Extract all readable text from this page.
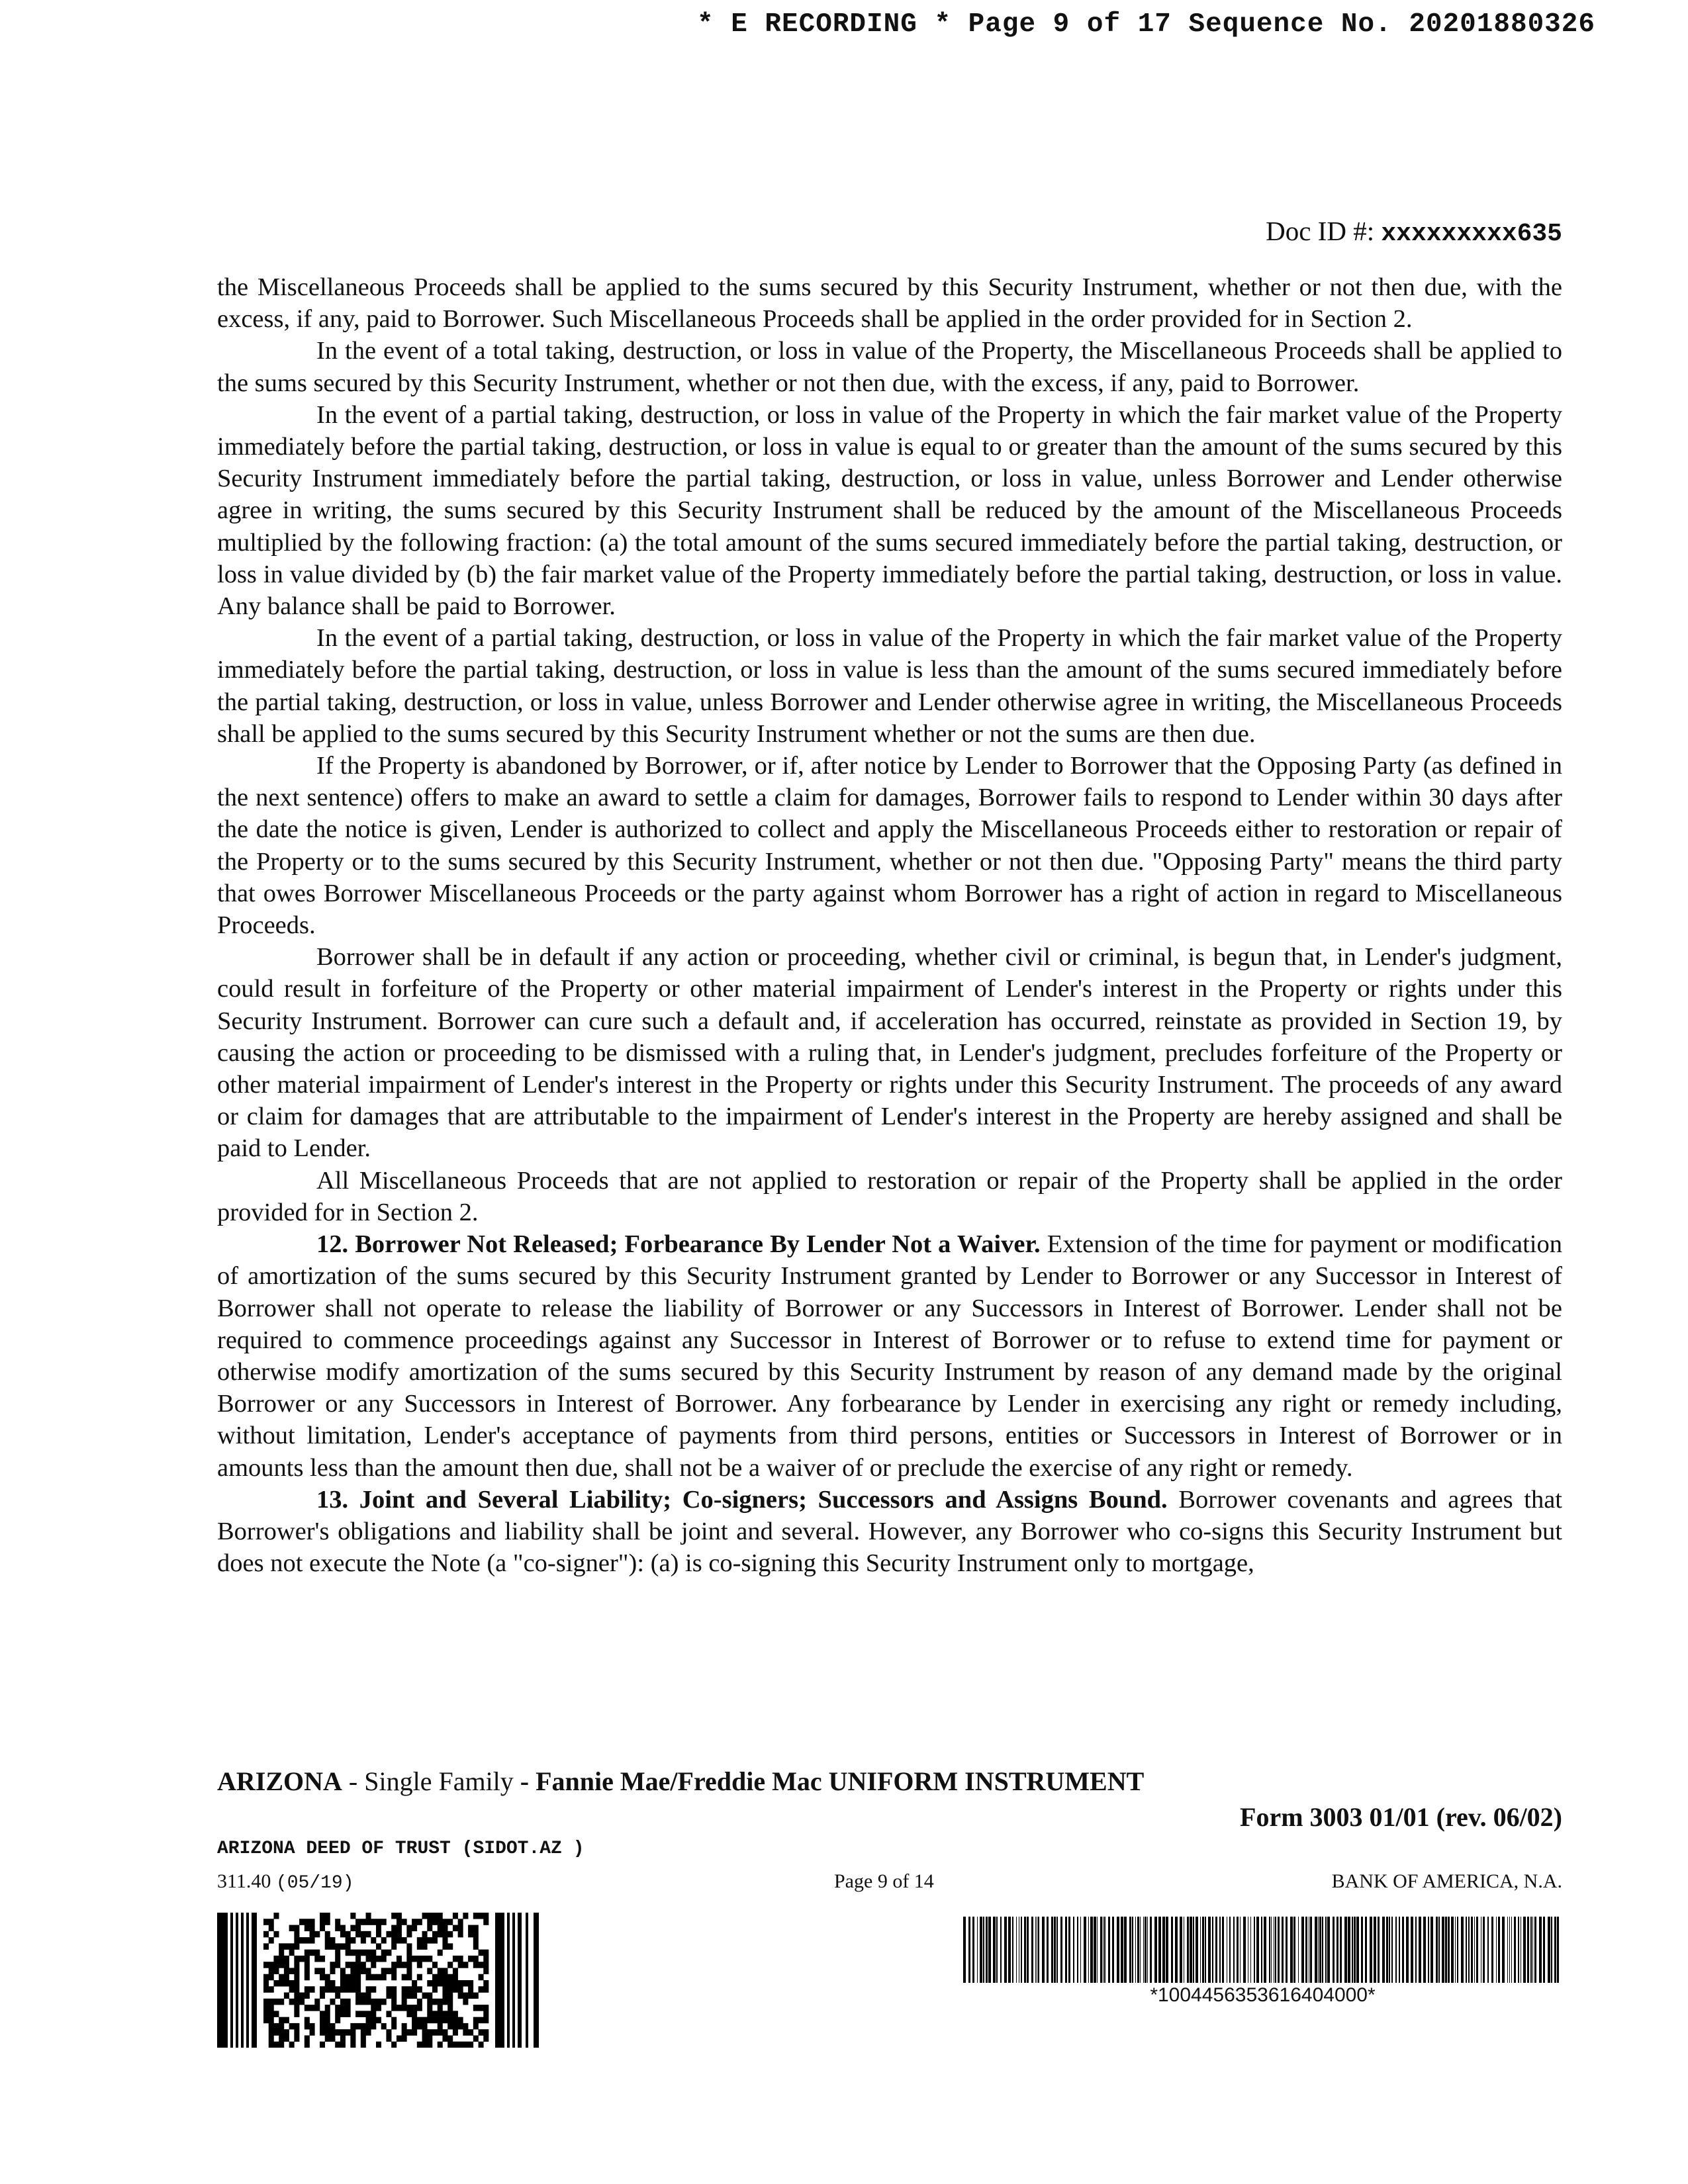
* E RECORDING * Page 9 of 17 Sequence No. 20201880326
Doc ID #: xxxxxxxxx635

the Miscellaneous Proceeds shall be applied to the sums secured by this Security Instrument, whether or not then due, with the excess, if any, paid to Borrower. Such Miscellaneous Proceeds shall be applied in the order provided for in Section 2.

In the event of a total taking, destruction, or loss in value of the Property, the Miscellaneous Proceeds shall be applied to the sums secured by this Security Instrument, whether or not then due, with the excess, if any, paid to Borrower.

In the event of a partial taking, destruction, or loss in value of the Property in which the fair market value of the Property immediately before the partial taking, destruction, or loss in value is equal to or greater than the amount of the sums secured by this Security Instrument immediately before the partial taking, destruction, or loss in value, unless Borrower and Lender otherwise agree in writing, the sums secured by this Security Instrument shall be reduced by the amount of the Miscellaneous Proceeds multiplied by the following fraction: (a) the total amount of the sums secured immediately before the partial taking, destruction, or loss in value divided by (b) the fair market value of the Property immediately before the partial taking, destruction, or loss in value. Any balance shall be paid to Borrower.

In the event of a partial taking, destruction, or loss in value of the Property in which the fair market value of the Property immediately before the partial taking, destruction, or loss in value is less than the amount of the sums secured immediately before the partial taking, destruction, or loss in value, unless Borrower and Lender otherwise agree in writing, the Miscellaneous Proceeds shall be applied to the sums secured by this Security Instrument whether or not the sums are then due.

If the Property is abandoned by Borrower, or if, after notice by Lender to Borrower that the Opposing Party (as defined in the next sentence) offers to make an award to settle a claim for damages, Borrower fails to respond to Lender within 30 days after the date the notice is given, Lender is authorized to collect and apply the Miscellaneous Proceeds either to restoration or repair of the Property or to the sums secured by this Security Instrument, whether or not then due. "Opposing Party" means the third party that owes Borrower Miscellaneous Proceeds or the party against whom Borrower has a right of action in regard to Miscellaneous Proceeds.

Borrower shall be in default if any action or proceeding, whether civil or criminal, is begun that, in Lender's judgment, could result in forfeiture of the Property or other material impairment of Lender's interest in the Property or rights under this Security Instrument. Borrower can cure such a default and, if acceleration has occurred, reinstate as provided in Section 19, by causing the action or proceeding to be dismissed with a ruling that, in Lender's judgment, precludes forfeiture of the Property or other material impairment of Lender's interest in the Property or rights under this Security Instrument. The proceeds of any award or claim for damages that are attributable to the impairment of Lender's interest in the Property are hereby assigned and shall be paid to Lender.

All Miscellaneous Proceeds that are not applied to restoration or repair of the Property shall be applied in the order provided for in Section 2.

12. Borrower Not Released; Forbearance By Lender Not a Waiver. Extension of the time for payment or modification of amortization of the sums secured by this Security Instrument granted by Lender to Borrower or any Successor in Interest of Borrower shall not operate to release the liability of Borrower or any Successors in Interest of Borrower. Lender shall not be required to commence proceedings against any Successor in Interest of Borrower or to refuse to extend time for payment or otherwise modify amortization of the sums secured by this Security Instrument by reason of any demand made by the original Borrower or any Successors in Interest of Borrower. Any forbearance by Lender in exercising any right or remedy including, without limitation, Lender's acceptance of payments from third persons, entities or Successors in Interest of Borrower or in amounts less than the amount then due, shall not be a waiver of or preclude the exercise of any right or remedy.

13. Joint and Several Liability; Co-signers; Successors and Assigns Bound. Borrower covenants and agrees that Borrower's obligations and liability shall be joint and several. However, any Borrower who co-signs this Security Instrument but does not execute the Note (a "co-signer"): (a) is co-signing this Security Instrument only to mortgage,

ARIZONA - Single Family - Fannie Mae/Freddie Mac UNIFORM INSTRUMENT
Form 3003 01/01 (rev. 06/02)
ARIZONA DEED OF TRUST (SIDOT.AZ )
311.40 (05/19)	Page 9 of 14	BANK OF AMERICA, N.A.
*1004456353616404000*
